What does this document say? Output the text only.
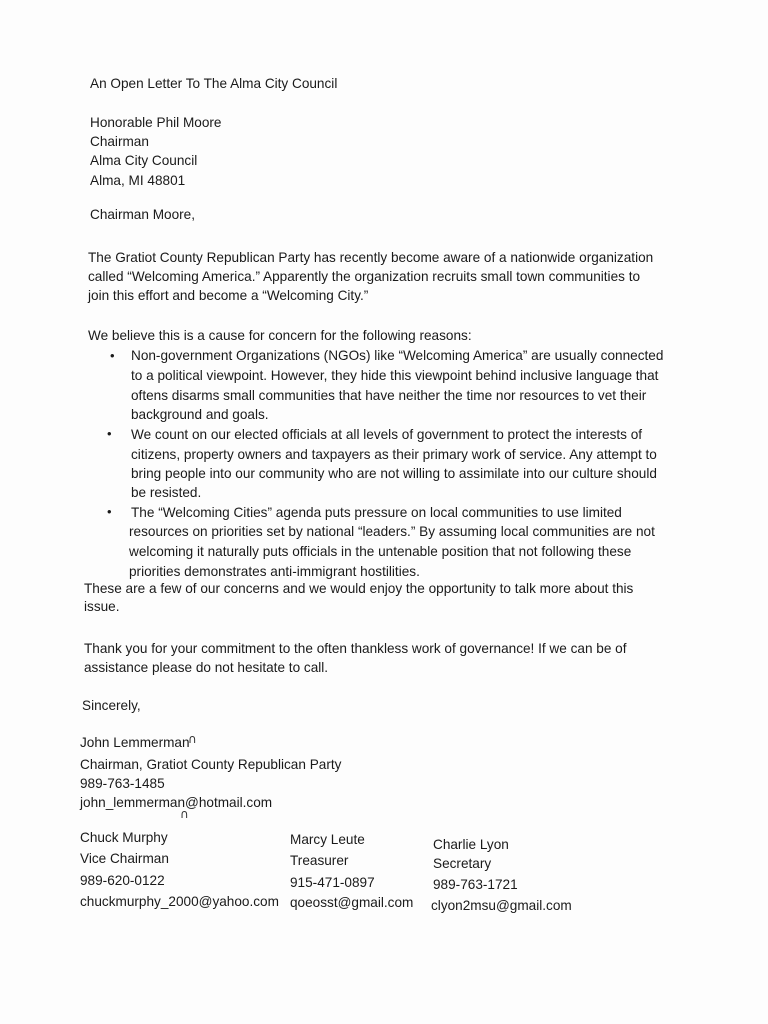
An Open Letter To The Alma City Council
Honorable Phil Moore
Chairman
Alma City Council
Alma, MI 48801
Chairman Moore,
The Gratiot County Republican Party has recently become aware of a nationwide organization
called “Welcoming America.” Apparently the organization recruits small town communities to
join this effort and become a “Welcoming City.”
We believe this is a cause for concern for the following reasons:
• Non-government Organizations (NGOs) like “Welcoming America” are usually connected
to a political viewpoint. However, they hide this viewpoint behind inclusive language that
oftens disarms small communities that have neither the time nor resources to vet their
background and goals.
• We count on our elected officials at all levels of government to protect the interests of
citizens, property owners and taxpayers as their primary work of service. Any attempt to
bring people into our community who are not willing to assimilate into our culture should
be resisted.
• The “Welcoming Cities” agenda puts pressure on local communities to use limited
resources on priorities set by national “leaders.” By assuming local communities are not
welcoming it naturally puts officials in the untenable position that not following these
priorities demonstrates anti-immigrant hostilities.
These are a few of our concerns and we would enjoy the opportunity to talk more about this
issue.
Thank you for your commitment to the often thankless work of governance! If we can be of
assistance please do not hesitate to call.
Sincerely,
John Lemmerman
∩
Chairman, Gratiot County Republican Party
989-763-1485
john_lemmerman@hotmail.com
∩
Chuck Murphy
Vice Chairman
989-620-0122
chuckmurphy_2000@yahoo.com
Marcy Leute
Treasurer
915-471-0897
qoeosst@gmail.com
Charlie Lyon
Secretary
989-763-1721
clyon2msu@gmail.com
